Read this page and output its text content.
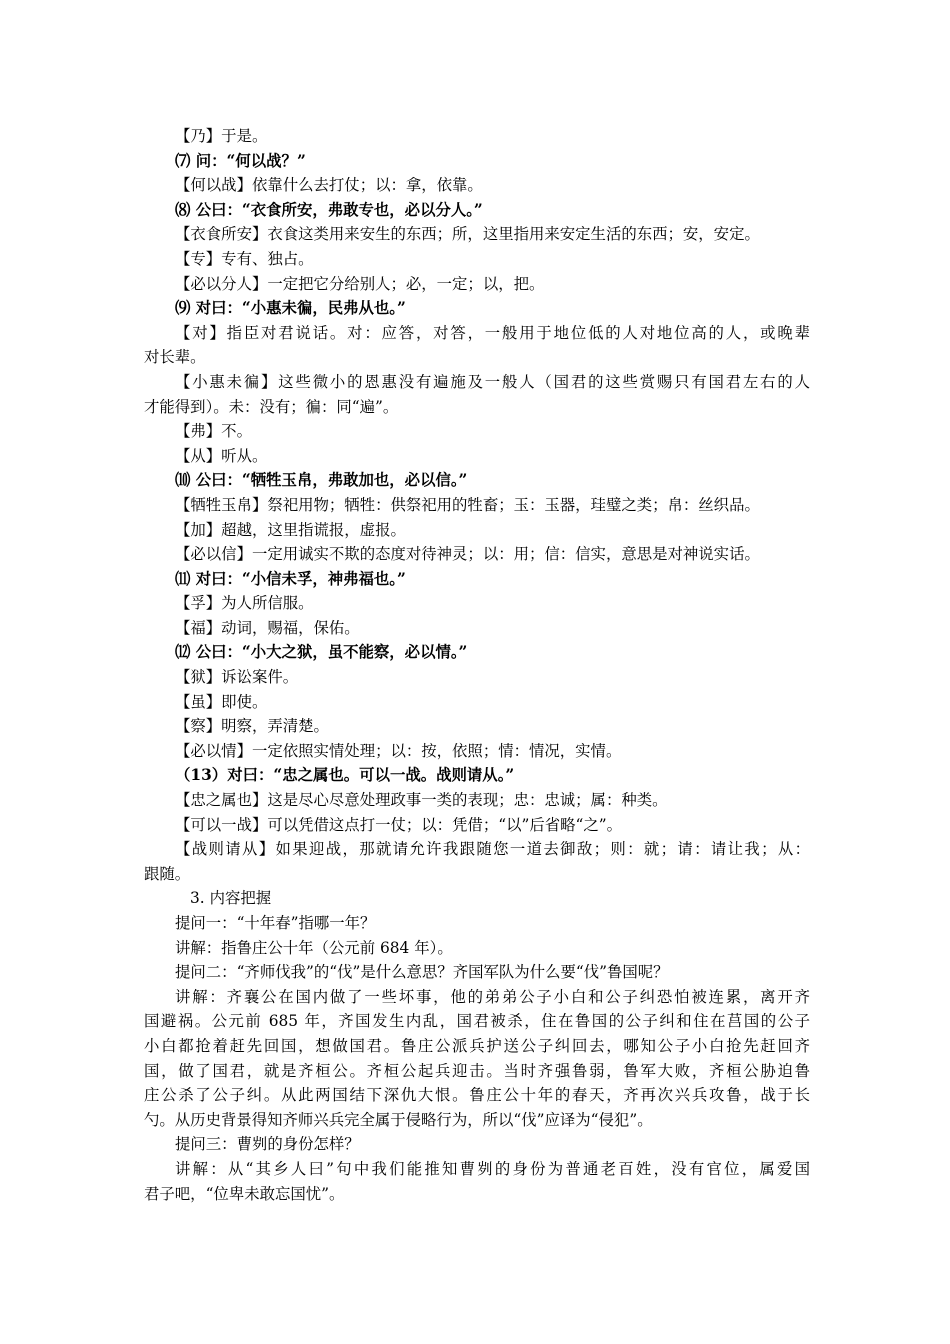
【乃】于是。
⑺ 问：“何以战？”
【何以战】依靠什么去打仗；以：拿，依靠。
⑻ 公曰：“衣食所安，弗敢专也，必以分人。”
【衣食所安】衣食这类用来安生的东西；所，这里指用来安定生活的东西；安，安定。
【专】专有、独占。
【必以分人】一定把它分给别人；必，一定；以，把。
⑼ 对曰：“小惠未徧，民弗从也。”
【对】指臣对君说话。对：应答，对答，一般用于地位低的人对地位高的人，或晚辈
对长辈。
【小惠未徧】这些微小的恩惠没有遍施及一般人（国君的这些赏赐只有国君左右的人
才能得到）。未：没有；徧：同“遍”。
【弗】不。
【从】听从。
⑽ 公曰：“牺牲玉帛，弗敢加也，必以信。”
【牺牲玉帛】祭祀用物；牺牲：供祭祀用的牲畜；玉：玉器，珪璧之类；帛：丝织品。
【加】超越，这里指谎报，虚报。
【必以信】一定用诚实不欺的态度对待神灵；以：用；信：信实，意思是对神说实话。
⑾ 对曰：“小信未孚，神弗福也。”
【孚】为人所信服。
【福】动词，赐福，保佑。
⑿ 公曰：“小大之狱，虽不能察，必以情。”
【狱】诉讼案件。
【虽】即使。
【察】明察，弄清楚。
【必以情】一定依照实情处理；以：按，依照；情：情况，实情。
（13）对曰：“忠之属也。可以一战。战则请从。”
【忠之属也】这是尽心尽意处理政事一类的表现；忠：忠诚；属：种类。
【可以一战】可以凭借这点打一仗；以：凭借；“以”后省略“之”。
【战则请从】如果迎战，那就请允许我跟随您一道去御敌；则：就；请：请让我；从：
跟随。
3. 内容把握
提问一：“十年春”指哪一年？
讲解：指鲁庄公十年（公元前 684 年）。
提问二：“齐师伐我”的“伐”是什么意思？齐国军队为什么要“伐”鲁国呢？
讲解：齐襄公在国内做了一些坏事，他的弟弟公子小白和公子纠恐怕被连累，离开齐
国避祸。公元前 685 年，齐国发生内乱，国君被杀，住在鲁国的公子纠和住在莒国的公子
小白都抢着赶先回国，想做国君。鲁庄公派兵护送公子纠回去，哪知公子小白抢先赶回齐
国，做了国君，就是齐桓公。齐桓公起兵迎击。当时齐强鲁弱，鲁军大败，齐桓公胁迫鲁
庄公杀了公子纠。从此两国结下深仇大恨。鲁庄公十年的春天，齐再次兴兵攻鲁，战于长
勺。从历史背景得知齐师兴兵完全属于侵略行为，所以“伐”应译为“侵犯”。
提问三：曹刿的身份怎样？
讲解：从“其乡人曰”句中我们能推知曹刿的身份为普通老百姓，没有官位，属爱国
君子吧，“位卑未敢忘国忧”。
